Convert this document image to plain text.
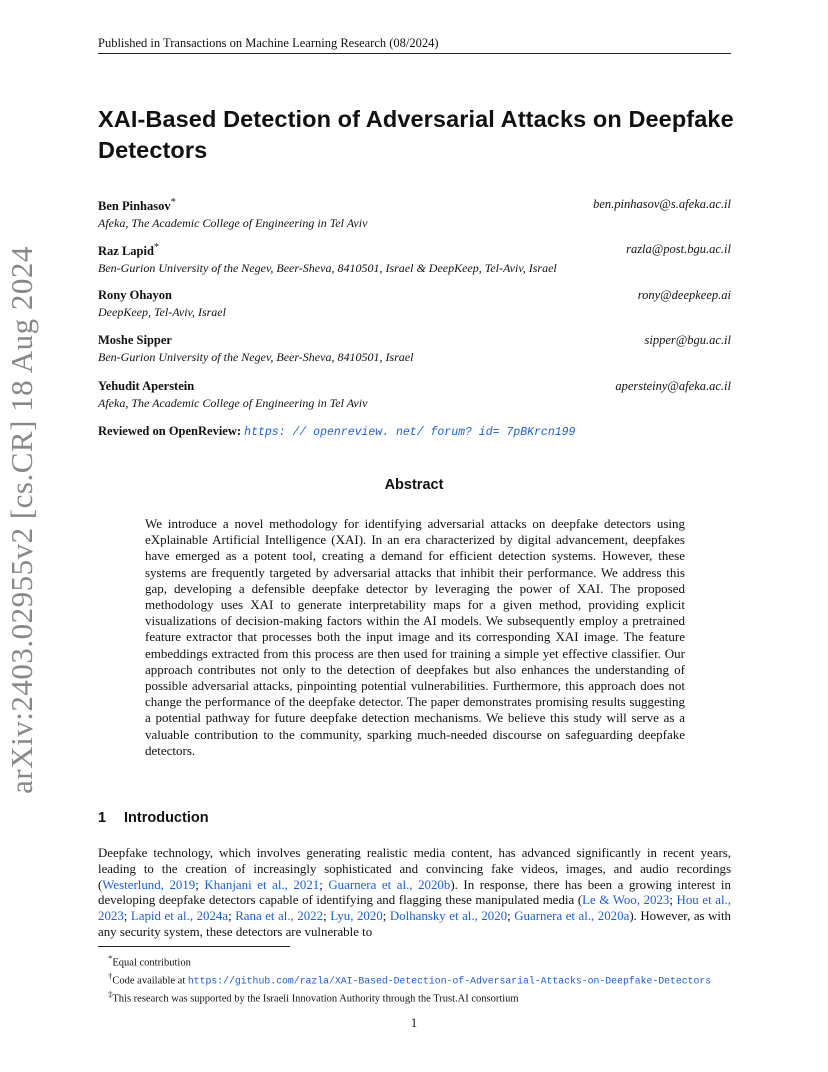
Published in Transactions on Machine Learning Research (08/2024)
XAI-Based Detection of Adversarial Attacks on Deepfake Detectors
Ben Pinhasov*	ben.pinhasov@s.afeka.ac.il
Afeka, The Academic College of Engineering in Tel Aviv
Raz Lapid*	razla@post.bgu.ac.il
Ben-Gurion University of the Negev, Beer-Sheva, 8410501, Israel & DeepKeep, Tel-Aviv, Israel
Rony Ohayon	rony@deepkeep.ai
DeepKeep, Tel-Aviv, Israel
Moshe Sipper	sipper@bgu.ac.il
Ben-Gurion University of the Negev, Beer-Sheva, 8410501, Israel
Yehudit Aperstein	apersteiny@afeka.ac.il
Afeka, The Academic College of Engineering in Tel Aviv
Reviewed on OpenReview: https: // openreview. net/ forum? id= 7pBKrcn199
Abstract
We introduce a novel methodology for identifying adversarial attacks on deepfake detectors using eXplainable Artificial Intelligence (XAI). In an era characterized by digital advancement, deepfakes have emerged as a potent tool, creating a demand for efficient detection systems. However, these systems are frequently targeted by adversarial attacks that inhibit their performance. We address this gap, developing a defensible deepfake detector by leveraging the power of XAI. The proposed methodology uses XAI to generate interpretability maps for a given method, providing explicit visualizations of decision-making factors within the AI models. We subsequently employ a pretrained feature extractor that processes both the input image and its corresponding XAI image. The feature embeddings extracted from this process are then used for training a simple yet effective classifier. Our approach contributes not only to the detection of deepfakes but also enhances the understanding of possible adversarial attacks, pinpointing potential vulnerabilities. Furthermore, this approach does not change the performance of the deepfake detector. The paper demonstrates promising results suggesting a potential pathway for future deepfake detection mechanisms. We believe this study will serve as a valuable contribution to the community, sparking much-needed discourse on safeguarding deepfake detectors.
1 Introduction
Deepfake technology, which involves generating realistic media content, has advanced significantly in recent years, leading to the creation of increasingly sophisticated and convincing fake videos, images, and audio recordings (Westerlund, 2019; Khanjani et al., 2021; Guarnera et al., 2020b). In response, there has been a growing interest in developing deepfake detectors capable of identifying and flagging these manipulated media (Le & Woo, 2023; Hou et al., 2023; Lapid et al., 2024a; Rana et al., 2022; Lyu, 2020; Dolhansky et al., 2020; Guarnera et al., 2020a). However, as with any security system, these detectors are vulnerable to
*Equal contribution
†Code available at https://github.com/razla/XAI-Based-Detection-of-Adversarial-Attacks-on-Deepfake-Detectors
‡This research was supported by the Israeli Innovation Authority through the Trust.AI consortium
1
arXiv:2403.02955v2 [cs.CR] 18 Aug 2024
